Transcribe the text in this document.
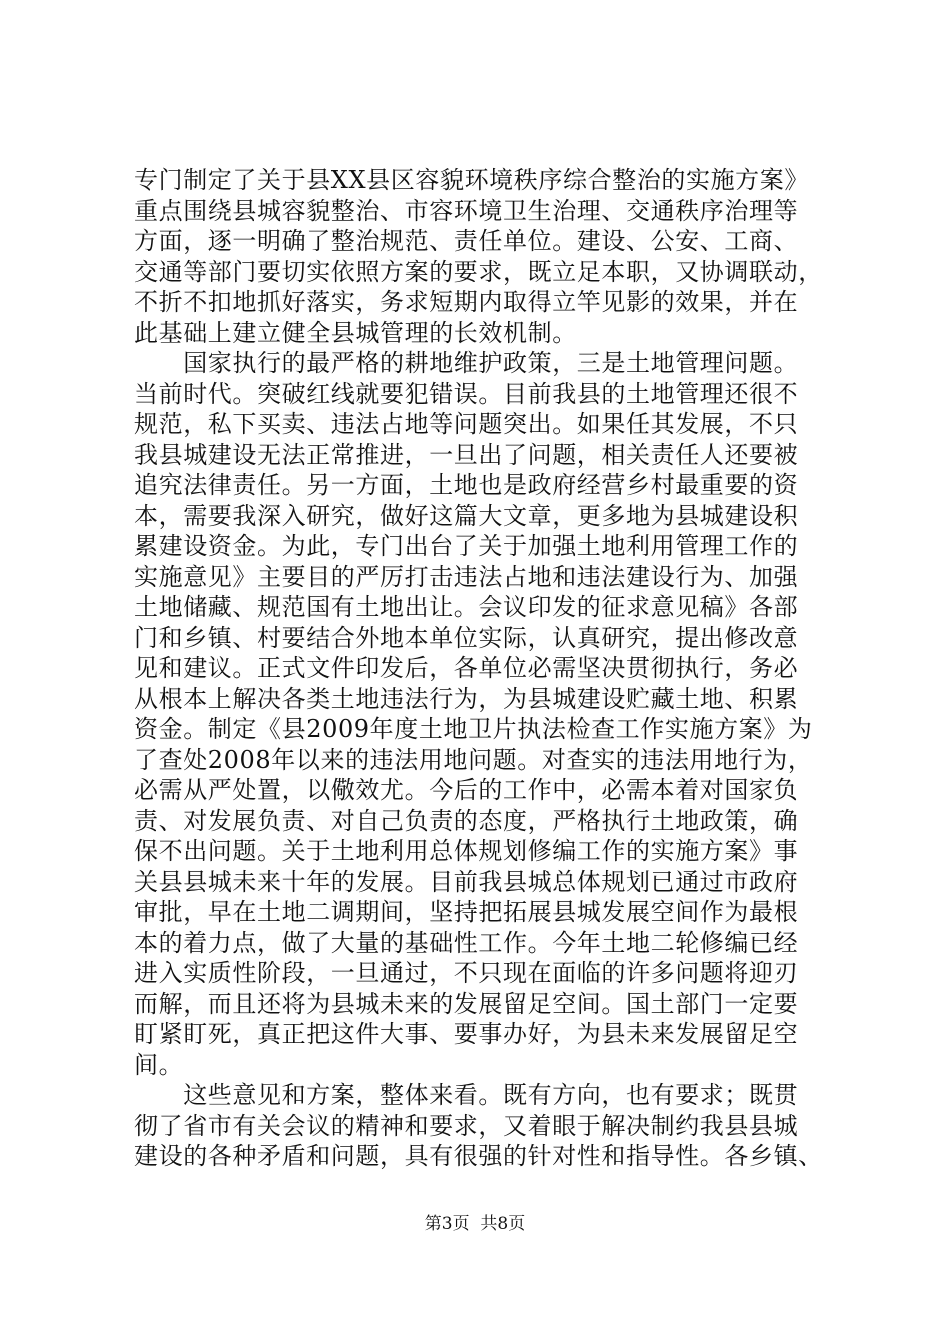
专门制定了关于县XX县区容貌环境秩序综合整治的实施方案》
重点围绕县城容貌整治、市容环境卫生治理、交通秩序治理等
方面，逐一明确了整治规范、责任单位。建设、公安、工商、
交通等部门要切实依照方案的要求，既立足本职，又协调联动，
不折不扣地抓好落实，务求短期内取得立竿见影的效果，并在
此基础上建立健全县城管理的长效机制。
　　国家执行的最严格的耕地维护政策，三是土地管理问题。
当前时代。突破红线就要犯错误。目前我县的土地管理还很不
规范，私下买卖、违法占地等问题突出。如果任其发展，不只
我县城建设无法正常推进，一旦出了问题，相关责任人还要被
追究法律责任。另一方面，土地也是政府经营乡村最重要的资
本，需要我深入研究，做好这篇大文章，更多地为县城建设积
累建设资金。为此，专门出台了关于加强土地利用管理工作的
实施意见》主要目的严厉打击违法占地和违法建设行为、加强
土地储藏、规范国有土地出让。会议印发的征求意见稿》各部
门和乡镇、村要结合外地本单位实际，认真研究，提出修改意
见和建议。正式文件印发后，各单位必需坚决贯彻执行，务必
从根本上解决各类土地违法行为，为县城建设贮藏土地、积累
资金。制定《县2009年度土地卫片执法检查工作实施方案》为
了查处2008年以来的违法用地问题。对查实的违法用地行为，
必需从严处置，以儆效尤。今后的工作中，必需本着对国家负
责、对发展负责、对自己负责的态度，严格执行土地政策，确
保不出问题。关于土地利用总体规划修编工作的实施方案》事
关县县城未来十年的发展。目前我县城总体规划已通过市政府
审批，早在土地二调期间，坚持把拓展县城发展空间作为最根
本的着力点，做了大量的基础性工作。今年土地二轮修编已经
进入实质性阶段，一旦通过，不只现在面临的许多问题将迎刃
而解，而且还将为县城未来的发展留足空间。国土部门一定要
盯紧盯死，真正把这件大事、要事办好，为县未来发展留足空
间。
　　这些意见和方案，整体来看。既有方向，也有要求；既贯
彻了省市有关会议的精神和要求，又着眼于解决制约我县县城
建设的各种矛盾和问题，具有很强的针对性和指导性。各乡镇、
第3页  共8页
